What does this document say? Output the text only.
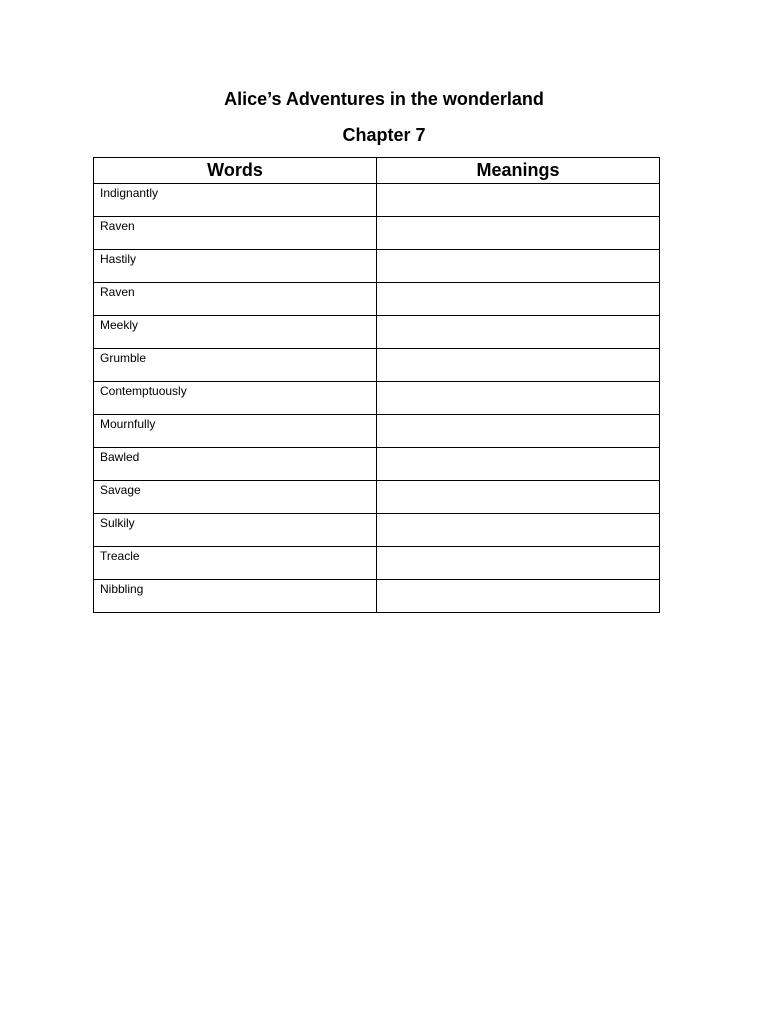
Alice’s Adventures in the wonderland
Chapter 7
Words	Meanings
Indignantly	
Raven	
Hastily	
Raven	
Meekly	
Grumble	
Contemptuously	
Mournfully	
Bawled	
Savage	
Sulkily	
Treacle	
Nibbling	
